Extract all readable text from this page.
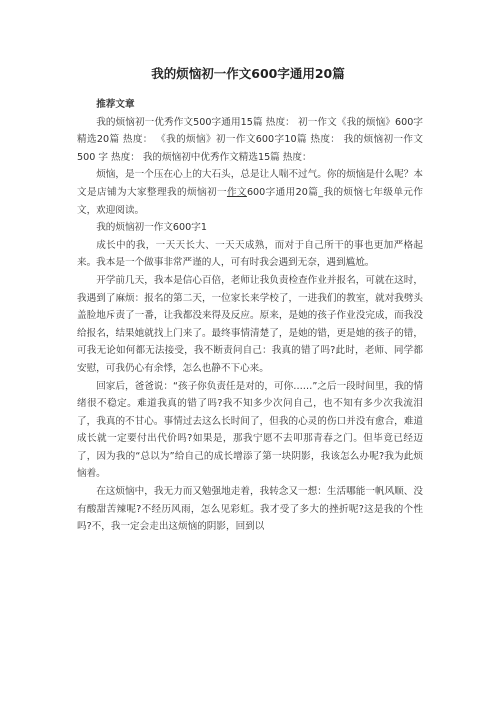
我的烦恼初一作文600字通用20篇

推荐文章

我的烦恼初一优秀作文500字通用15篇 热度： 初一作文《我的烦恼》600字精选20篇 热度： 《我的烦恼》初一作文600字10篇 热度： 我的烦恼初一作文 500 字 热度： 我的烦恼初中优秀作文精选15篇 热度：

烦恼，是一个压在心上的大石头，总是让人喘不过气。你的烦恼是什么呢？本文是店铺为大家整理我的烦恼初一作文600字通用20篇_我的烦恼七年级单元作文，欢迎阅读。

我的烦恼初一作文600字1

成长中的我，一天天长大、一天天成熟，而对于自己所干的事也更加严格起来。我本是一个做事非常严谨的人，可有时我会遇到无奈，遇到尴尬。

开学前几天，我本是信心百倍，老师让我负责检查作业并报名，可就在这时，我遇到了麻烦：报名的第二天，一位家长来学校了，一进我们的教室，就对我劈头盖脸地斥责了一番，让我都没来得及反应。原来，是她的孩子作业没完成，而我没给报名，结果她就找上门来了。最终事情清楚了，是她的错，更是她的孩子的错，可我无论如何都无法接受，我不断责问自己：我真的错了吗?此时，老师、同学都安慰，可我仍心有余悸，怎么也静不下心来。

回家后，爸爸说：“孩子你负责任是对的，可你……”之后一段时间里，我的情绪很不稳定。难道我真的错了吗?我不知多少次问自己，也不知有多少次我流泪了，我真的不甘心。事情过去这么长时间了，但我的心灵的伤口并没有愈合，难道成长就一定要付出代价吗?如果是，那我宁愿不去叩那青春之门。但毕竟已经迈了，因为我的“总以为”给自己的成长增添了第一块阴影，我该怎么办呢?我为此烦恼着。

在这烦恼中，我无力而又勉强地走着，我转念又一想：生活哪能一帆风顺、没有酸甜苦辣呢?不经历风雨，怎么见彩虹。我才受了多大的挫折呢?这是我的个性吗?不，我一定会走出这烦恼的阴影，回到以
